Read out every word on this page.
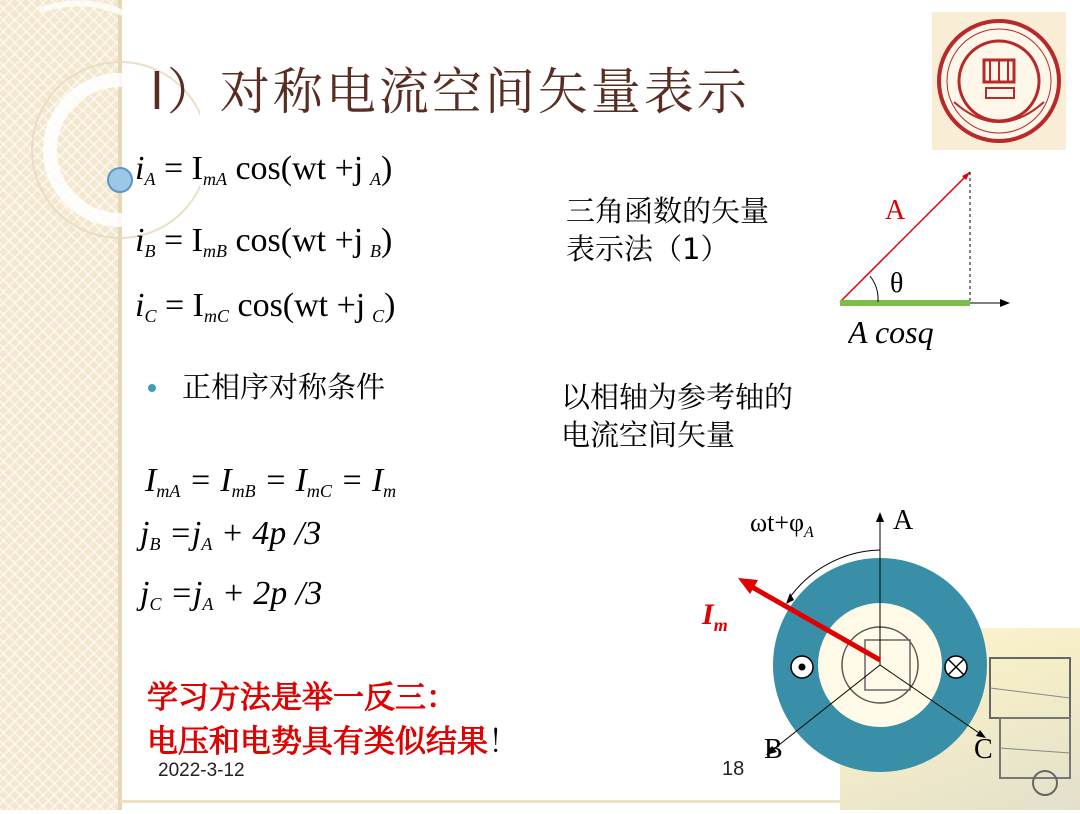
l）对称电流空间矢量表示
$i_A = I_{mA}$ cos(wt +j  $_A$)
$i_B = I_{mB}$ cos(wt +j  $_B$)
$i_C = I_{mC}$ cos(wt +j  $_C$)
正相序对称条件
$I_{mA} = I_{mB} = I_{mC} = I_m$
$j_B =j_A + 4p$ /3
$j_C =j_A + 2p$ /3
三角函数的矢量
表示法（1）
A
θ
A cosq
以相轴为参考轴的
电流空间矢量
$\omega t+\varphi_A$	A
B	C
$I_m$
学习方法是举一反三：
电压和电势具有类似结果！
2022-3-12	18
